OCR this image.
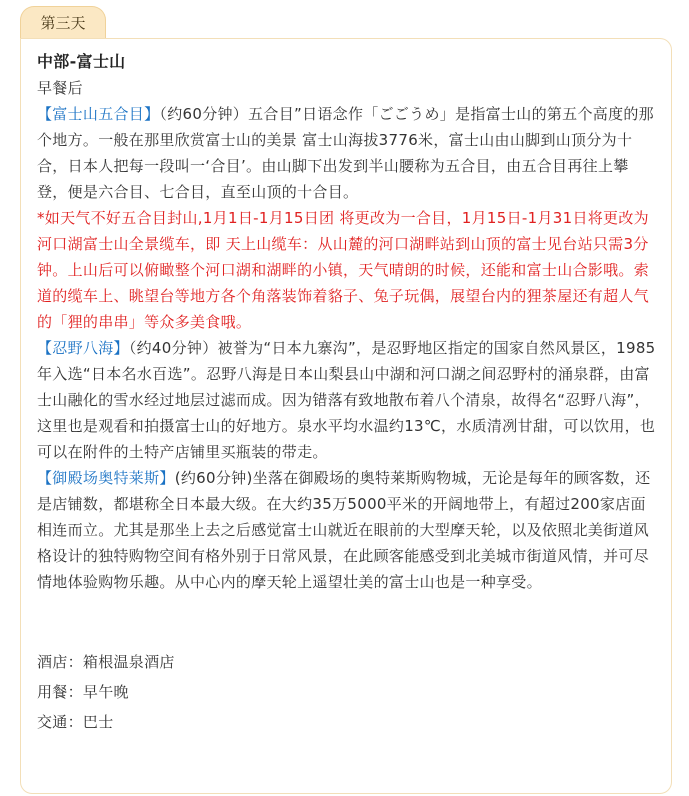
第三天

中部-富士山

早餐后

【富士山五合目】（约60分钟）五合目”日语念作「ごごうめ」是指富士山的第五个高度的那个地方。一般在那里欣赏富士山的美景 富士山海拔3776米，富士山由山脚到山顶分为十合，日本人把每一段叫一‘合目’。由山脚下出发到半山腰称为五合目，由五合目再往上攀登，便是六合目、七合目，直至山顶的十合目。

*如天气不好五合目封山,1月1日-1月15日团 将更改为一合目，1月15日-1月31日将更改为河口湖富士山全景缆车，即 天上山缆车：从山麓的河口湖畔站到山顶的富士见台站只需3分钟。上山后可以俯瞰整个河口湖和湖畔的小镇，天气晴朗的时候，还能和富士山合影哦。索道的缆车上、眺望台等地方各个角落装饰着貉子、兔子玩偶，展望台内的狸茶屋还有超人气的「狸的串串」等众多美食哦。

【忍野八海】（约40分钟）被誉为“日本九寨沟”，是忍野地区指定的国家自然风景区，1985年入选“日本名水百选”。忍野八海是日本山梨县山中湖和河口湖之间忍野村的涌泉群，由富士山融化的雪水经过地层过滤而成。因为错落有致地散布着八个清泉，故得名“忍野八海”，这里也是观看和拍摄富士山的好地方。泉水平均水温约13℃，水质清冽甘甜，可以饮用，也可以在附件的土特产店铺里买瓶装的带走。

【御殿场奥特莱斯】(约60分钟)坐落在御殿场的奥特莱斯购物城，无论是每年的顾客数，还是店铺数，都堪称全日本最大级。在大约35万5000平米的开阔地带上，有超过200家店面相连而立。尤其是那坐上去之后感觉富士山就近在眼前的大型摩天轮，以及依照北美街道风格设计的独特购物空间有格外别于日常风景，在此顾客能感受到北美城市街道风情，并可尽情地体验购物乐趣。从中心内的摩天轮上遥望壮美的富士山也是一种享受。

酒店：箱根温泉酒店

用餐：早午晚

交通：巴士
